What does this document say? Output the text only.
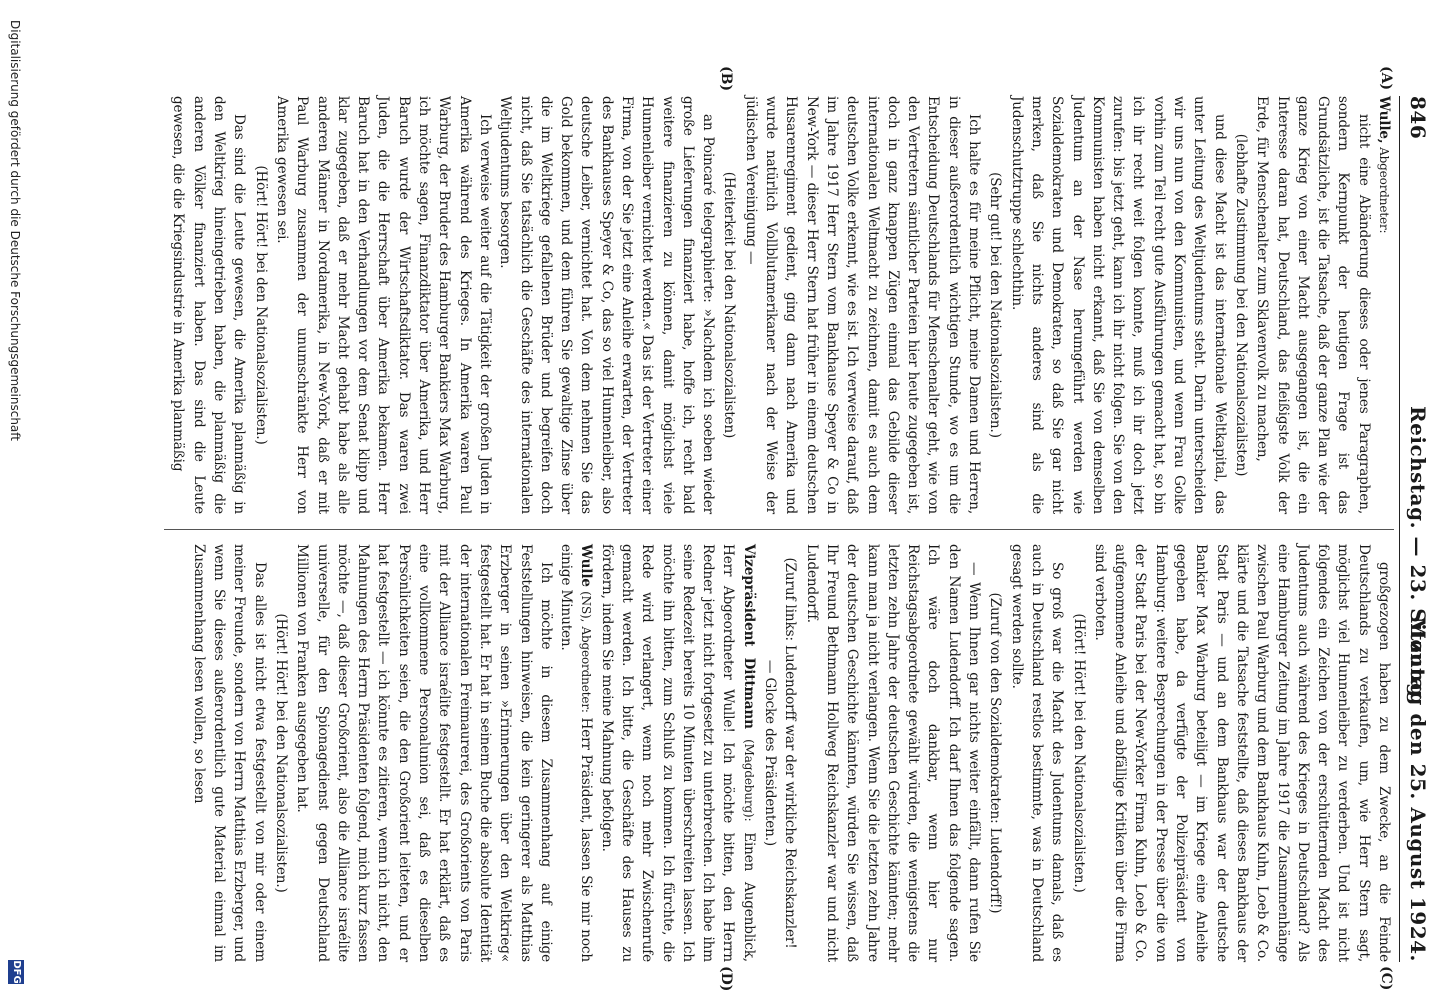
846
Reichstag. — 23. Sitzung.
Montag den 25. August 1924.
(A)
(B)
(C)
(D)

Wulle, Abgeordneter:

nicht eine Abänderung dieses oder jenes Paragraphen, sondern Kernpunkt der heutigen Frage ist das Grundsätzliche, ist die Tatsache, daß der ganze Plan wie der ganze Krieg von einer Macht ausgegangen ist, die ein Interesse daran hat, Deutschland, das fleißigste Volk der Erde, für Menschenalter zum Sklavenvolk zu machen,

(lebhafte Zustimmung bei den Nationalsozialisten)

und diese Macht ist das internationale Weltkapital, das unter Leitung des Weltjudentums steht. Darin unterscheiden wir uns nun von den Kommunisten, und wenn Frau Golke vorhin zum Teil recht gute Ausführungen gemacht hat, so bin ich ihr recht weit folgen konnte, muß ich ihr doch jetzt zurufen: bis jetzt geht, kann ich ihr nicht folgen. Sie von den Kommunisten haben nicht erkannt, daß Sie von demselben Judentum an der Nase herumgeführt werden wie Sozialdemokraten und Demokraten, so daß Sie gar nicht merken, daß Sie nichts anderes sind als die Judenschutztruppe schlechthin.

(Sehr gut! bei den Nationalsozialisten.)

Ich halte es für meine Pflicht, meine Damen und Herren, in dieser außerordentlich wichtigen Stunde, wo es um die Entscheidung Deutschlands für Menschenalter geht, wie von den Vertretern sämtlicher Parteien hier heute zugegeben ist, doch in ganz knappen Zügen einmal das Gebilde dieser internationalen Weltmacht zu zeichnen, damit es auch dem deutschen Volke erkennt, wie es ist. Ich verweise darauf, daß im Jahre 1917 Herr Stern vom Bankhause Speyer & Co in New-York — dieser Herr Stern hat früher in einem deutschen Husarenregiment gedient, ging dann nach Amerika und wurde natürlich Vollblutamerikaner nach der Weise der jüdischen Vereinigung —

(Heiterkeit bei den Nationalsozialisten)

an Poincaré telegraphierte: »Nachdem ich soeben wieder große Lieferungen finanziert habe, hoffe ich, recht bald weitere finanzieren zu können, damit möglichst viele Hunnenleiber vernichtet werden.« Das ist der Vertreter einer Firma, von der Sie jetzt eine Anleihe erwarten, der Vertreter des Bankhauses Speyer & Co, das so viel Hunnenleiber, also deutsche Leiber, vernichtet hat. Von dem nehmen Sie das Gold bekommen, und dem führen Sie gewaltige Zinse über die im Weltkriege gefallenen Brüder und begreifen doch nicht, daß Sie tatsächlich die Geschäfte des internationalen Weltjudentums besorgen.

Ich verweise weiter auf die Tätigkeit der großen Juden in Amerika während des Krieges. In Amerika waren Paul Warburg, der Bruder des Hamburger Bankiers Max Warburg, ich möchte sagen, Finanzdiktator über Amerika, und Herr Baruch wurde der Wirtschaftsdiktator. Das waren zwei Juden, die die Herrschaft über Amerika bekamen. Herr Baruch hat in den Verhandlungen vor dem Senat klipp und klar zugegeben, daß er mehr Macht gehabt habe als alle anderen Männer in Nordamerika, in New-York, daß er mit Paul Warburg zusammen der unumschränkte Herr von Amerika gewesen sei.

(Hört! Hört! bei den Nationalsozialisten.)

Das sind die Leute gewesen, die Amerika planmäßig in den Weltkrieg hineingetrieben haben, die planmäßig die anderen Völker finanziert haben. Das sind die Leute gewesen, die die Kriegsindustrie in Amerika planmäßig

großgezogen haben zu dem Zwecke, an die Feinde Deutschlands zu verkaufen, um, wie Herr Stern sagt, möglichst viel Hunnenleiber zu verderben. Und ist nicht folgendes ein Zeichen von der erschütternden Macht des Judentums auch während des Krieges in Deutschland? Als eine Hamburger Zeitung im Jahre 1917 die Zusammenhänge zwischen Paul Warburg und dem Bankhaus Kuhn, Loeb & Co. klärte und die Tatsache feststellte, daß dieses Bankhaus der Stadt Paris — und an dem Bankhaus war der deutsche Bankier Max Warburg beteiligt — im Kriege eine Anleihe gegeben habe, da verfügte der Polizeipräsident von Hamburg: weitere Besprechungen in der Presse über die von der Stadt Paris bei der New-Yorker Firma Kuhn, Loeb & Co. aufgenommene Anleihe und abfällige Kritiken über die Firma sind verboten.

(Hört! Hört! bei den Nationalsozialisten.)

So groß war die Macht des Judentums damals, daß es auch in Deutschland restlos bestimmte, was in Deutschland gesagt werden sollte.

(Zuruf von den Sozialdemokraten: Ludendorff!)

— Wenn Ihnen gar nichts weiter einfällt, dann rufen Sie den Namen Ludendorff. Ich darf Ihnen das folgende sagen. Ich wäre doch dankbar, wenn hier nur Reichstagsabgeordnete gewählt würden, die wenigstens die letzten zehn Jahre der deutschen Geschichte kännten; mehr kann man ja nicht verlangen. Wenn Sie die letzten zehn Jahre der deutschen Geschichte kännten, würden Sie wissen, daß Ihr Freund Bethmann Hollweg Reichskanzler war und nicht Ludendorff.

(Zuruf links: Ludendorff war der wirkliche Reichskanzler! — Glocke des Präsidenten.)

Vizepräsident Dittmann (Magdeburg): Einen Augenblick, Herr Abgeordneter Wulle! Ich möchte bitten, den Herrn Redner jetzt nicht fortgesetzt zu unterbrechen. Ich habe ihm seine Redezeit bereits 10 Minuten überschreiten lassen. Ich möchte ihn bitten, zum Schluß zu kommen. Ich fürchte, die Rede wird verlangert, wenn noch mehr Zwischenrufe gemacht werden. Ich bitte, die Geschäfte des Hauses zu fördern, indem Sie meine Mahnung befolgen.

Wulle (NS), Abgeordneter: Herr Präsident, lassen Sie mir noch einige Minuten.

Ich möchte in diesem Zusammenhang auf einige Feststellungen hinweisen, die kein geringerer als Matthias Erzberger in seinen »Erinnerungen über den Weltkrieg« festgestellt hat. Er hat in seinem Buche die absolute Identität der internationalen Freimaurerei, des Großorients von Paris mit der Alliance israélite festgestellt. Er hat erklärt, daß es eine vollkommene Personalunion sei, daß es dieselben Persönlichkeiten seien, die den Großorient leiteten, und er hat festgestellt — ich könnte es zitieren, wenn ich nicht, den Mahnungen des Herrn Präsidenten folgend, mich kurz fassen möchte —, daß dieser Großorient, also die Alliance israélite universelle, für den Spionagedienst gegen Deutschland Millionen von Franken ausgegeben hat.

(Hört! Hört! bei den Nationalsozialisten.)

Das alles ist nicht etwa festgestellt von mir oder einem meiner Freunde, sondern von Herrn Matthias Erzberger, und wenn Sie dieses außerordentlich gute Material einmal im Zusammenhang lesen wollen, so lesen

Digitalisierung gefördert durch die Deutsche Forschungsgemeinschaft
DFG
